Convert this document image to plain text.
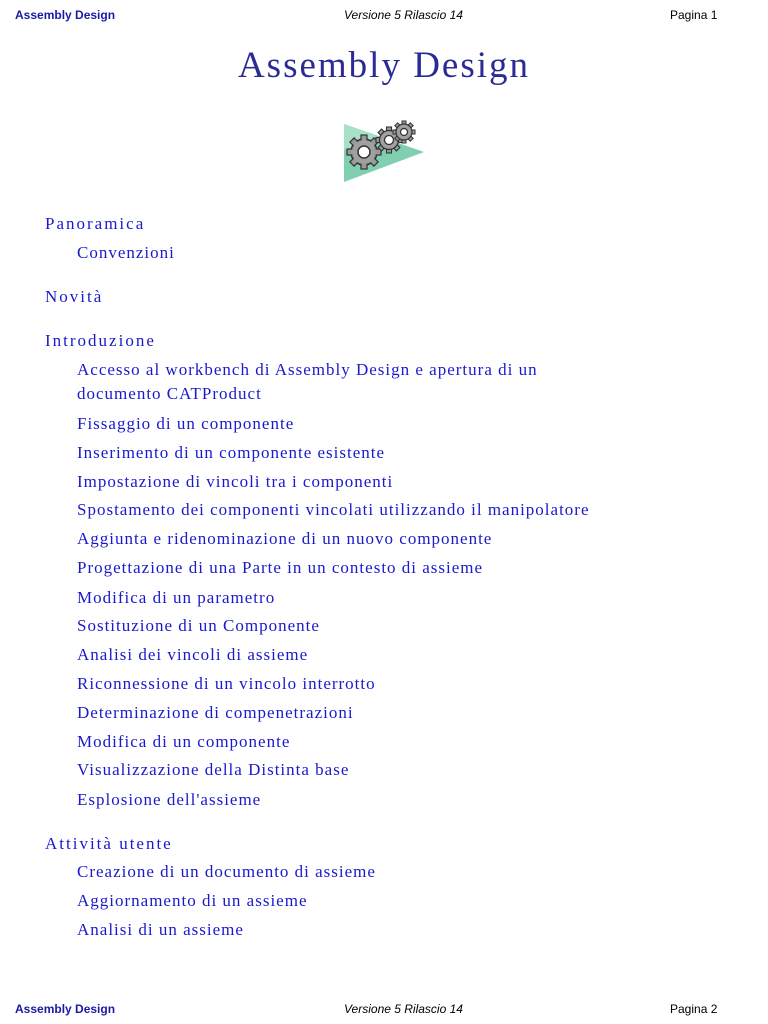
Assembly Design	Versione 5 Rilascio 14	Pagina 1
Assembly Design
Panoramica
Convenzioni
Novità
Introduzione
Accesso al workbench di Assembly Design e apertura di un
documento CATProduct
Fissaggio di un componente
Inserimento di un componente esistente
Impostazione di vincoli tra i componenti
Spostamento dei componenti vincolati utilizzando il manipolatore
Aggiunta e ridenominazione di un nuovo componente
Progettazione di una Parte in un contesto di assieme
Modifica di un parametro
Sostituzione di un Componente
Analisi dei vincoli di assieme
Riconnessione di un vincolo interrotto
Determinazione di compenetrazioni
Modifica di un componente
Visualizzazione della Distinta base
Esplosione dell'assieme
Attività utente
Creazione di un documento di assieme
Aggiornamento di un assieme
Analisi di un assieme
Assembly Design	Versione 5 Rilascio 14	Pagina 2
